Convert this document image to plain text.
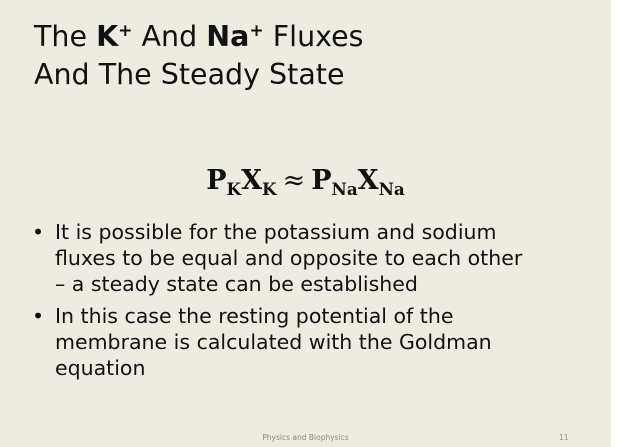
The K+ And Na+ Fluxes
And The Steady State
$P_KX_K \approx P_{Na}X_{Na}$
• It is possible for the potassium and sodium
fluxes to be equal and opposite to each other
– a steady state can be established
• In this case the resting potential of the
membrane is calculated with the Goldman
equation
Physics and Biophysics	11
